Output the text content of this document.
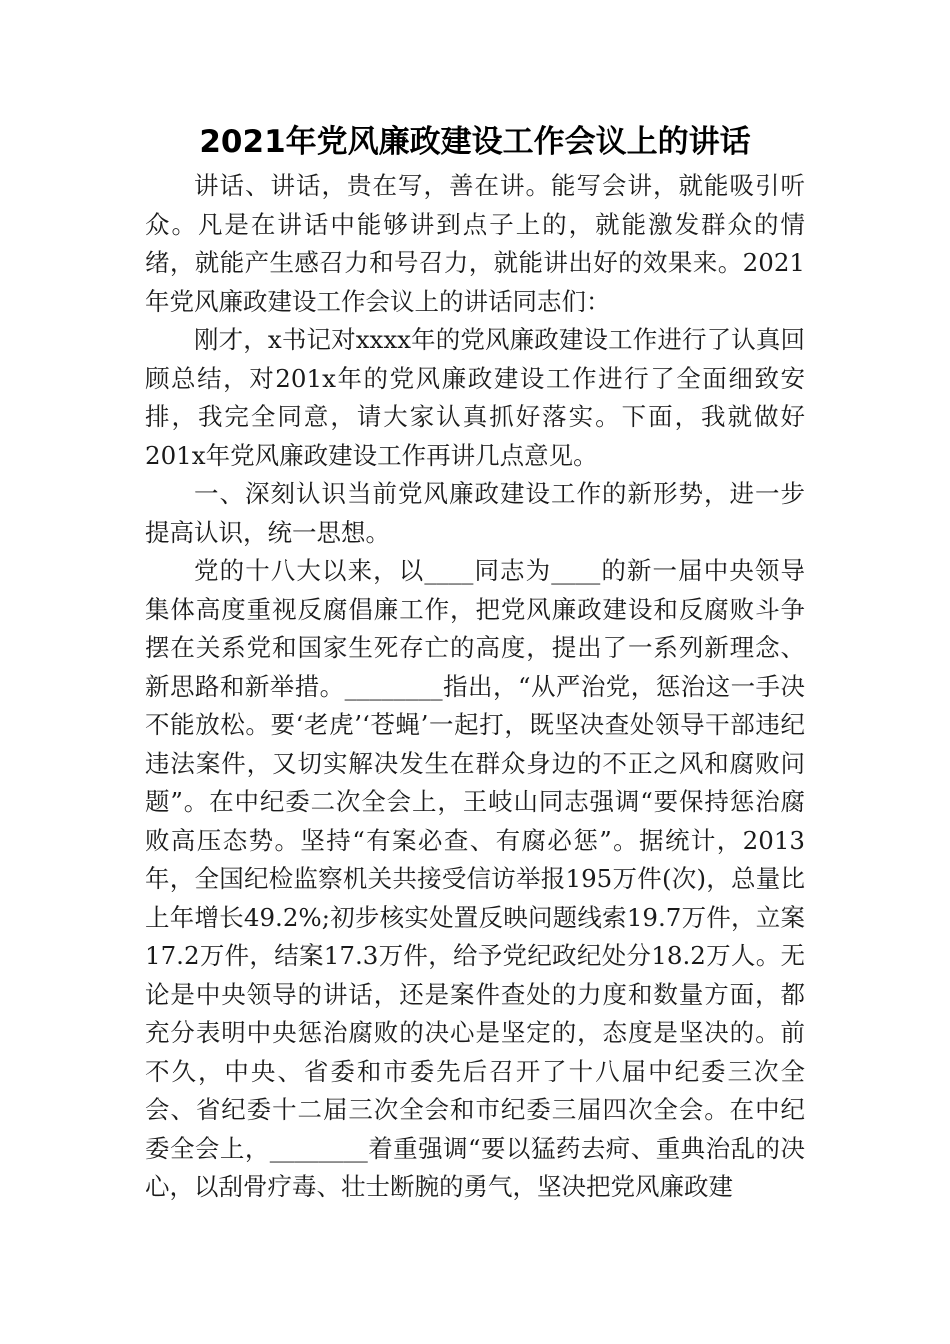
2021年党风廉政建设工作会议上的讲话

讲话、讲话，贵在写，善在讲。能写会讲，就能吸引听众。凡是在讲话中能够讲到点子上的，就能激发群众的情绪，就能产生感召力和号召力，就能讲出好的效果来。2021年党风廉政建设工作会议上的讲话同志们：

刚才，x书记对xxxx年的党风廉政建设工作进行了认真回顾总结，对201x年的党风廉政建设工作进行了全面细致安排，我完全同意，请大家认真抓好落实。下面，我就做好201x年党风廉政建设工作再讲几点意见。

一、深刻认识当前党风廉政建设工作的新形势，进一步提高认识，统一思想。

党的十八大以来，以____同志为____的新一届中央领导集体高度重视反腐倡廉工作，把党风廉政建设和反腐败斗争摆在关系党和国家生死存亡的高度，提出了一系列新理念、新思路和新举措。________指出，“从严治党，惩治这一手决不能放松。要‘老虎’‘苍蝇’一起打，既坚决查处领导干部违纪违法案件，又切实解决发生在群众身边的不正之风和腐败问题”。在中纪委二次全会上，王岐山同志强调“要保持惩治腐败高压态势。坚持“有案必查、有腐必惩”。据统计，2013年，全国纪检监察机关共接受信访举报195万件(次)，总量比上年增长49.2%;初步核实处置反映问题线索19.7万件，立案17.2万件，结案17.3万件，给予党纪政纪处分18.2万人。无论是中央领导的讲话，还是案件查处的力度和数量方面，都充分表明中央惩治腐败的决心是坚定的，态度是坚决的。前不久，中央、省委和市委先后召开了十八届中纪委三次全会、省纪委十二届三次全会和市纪委三届四次全会。在中纪委全会上，________着重强调“要以猛药去疴、重典治乱的决心，以刮骨疗毒、壮士断腕的勇气，坚决把党风廉政建
